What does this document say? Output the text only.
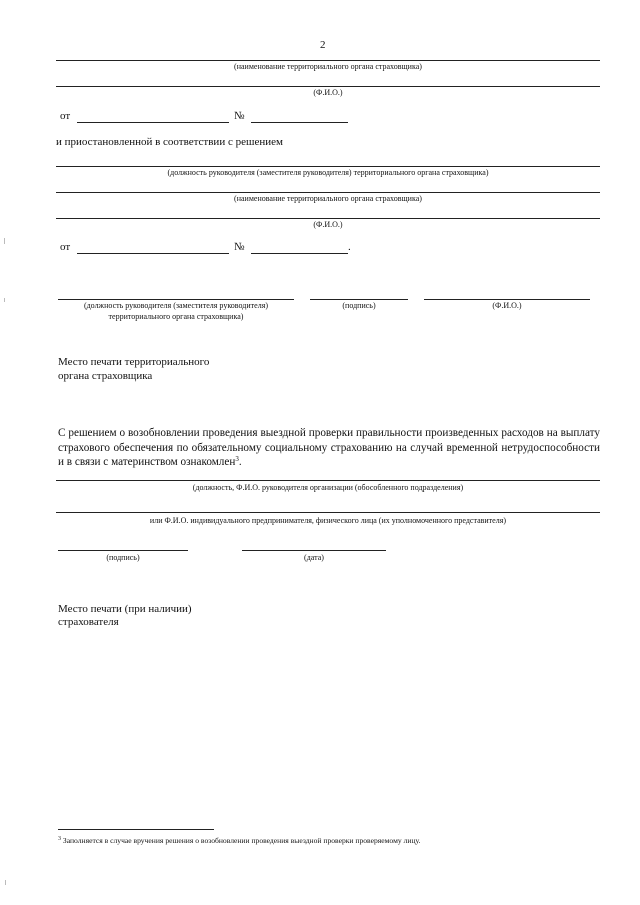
2
(наименование территориального органа страховщика)
(Ф.И.О.)
от	№
и приостановленной в соответствии с решением
(должность руководителя (заместителя руководителя) территориального органа страховщика)
(наименование территориального органа страховщика)
(Ф.И.О.)
от	№	.
(должность руководителя (заместителя руководителя)
территориального органа страховщика)
(подпись)	(Ф.И.О.)
Место печати территориального
органа страховщика
С решением о возобновлении проведения выездной проверки правильности произведенных расходов на выплату страхового обеспечения по обязательному социальному страхованию на случай временной нетрудоспособности и в связи с материнством ознакомлен$^3$.
(должность, Ф.И.О. руководителя организации (обособленного подразделения)
или Ф.И.О. индивидуального предпринимателя, физического лица (их уполномоченного представителя)
(подпись)	(дата)
Место печати (при наличии)
страхователя
$^3$ Заполняется в случае вручения решения о возобновлении проведения выездной проверки проверяемому лицу.
